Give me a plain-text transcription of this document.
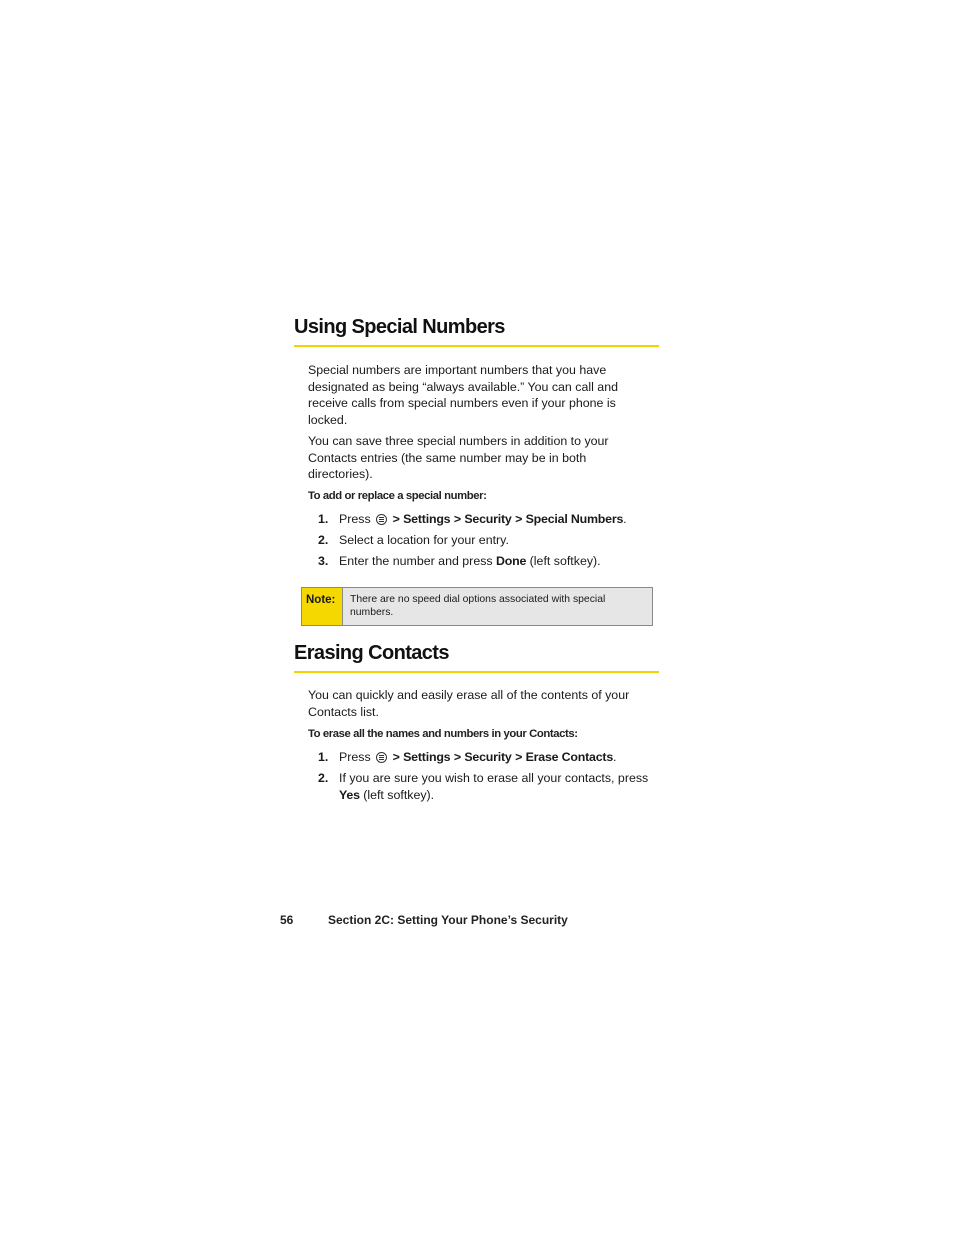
Using Special Numbers
Special numbers are important numbers that you have designated as being “always available.” You can call and receive calls from special numbers even if your phone is locked.
You can save three special numbers in addition to your Contacts entries (the same number may be in both directories).
To add or replace a special number:
1. Press > Settings > Security > Special Numbers.
2. Select a location for your entry.
3. Enter the number and press Done (left softkey).
Note:	There are no speed dial options associated with special numbers.
Erasing Contacts
You can quickly and easily erase all of the contents of your Contacts list.
To erase all the names and numbers in your Contacts:
1. Press > Settings > Security > Erase Contacts.
2. If you are sure you wish to erase all your contacts, press Yes (left softkey).
56	Section 2C: Setting Your Phone’s Security
